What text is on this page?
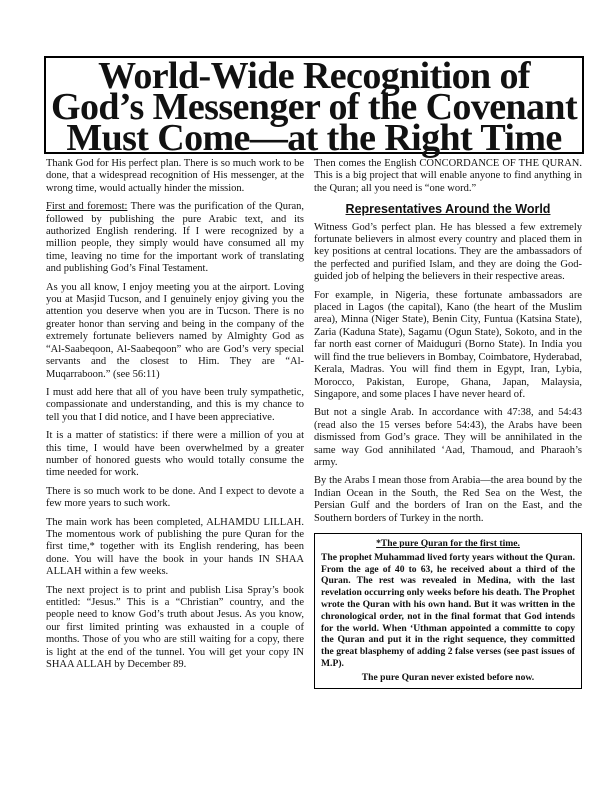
World-Wide Recognition of
God’s Messenger of the Covenant
Must Come—at the Right Time

Thank God for His perfect plan. There is so much work to be done, that a widespread recognition of His messenger, at the wrong time, would actually hinder the mission.

First and foremost: There was the purification of the Quran, followed by publishing the pure Arabic text, and its authorized English rendering. If I were recognized by a million people, they simply would have consumed all my time, leaving no time for the important work of translating and publishing God’s Final Testament.

As you all know, I enjoy meeting you at the airport. Loving you at Masjid Tucson, and I genuinely enjoy giving you the attention you deserve when you are in Tucson. There is no greater honor than serving and being in the company of the extremely fortunate believers named by Almighty God as “Al-Saabeqoon, Al-Saabeqoon” who are God’s very special servants and the closest to Him. They are “Al-Muqarraboon.” (see 56:11)

I must add here that all of you have been truly sympathetic, compassionate and understanding, and this is my chance to tell you that I did notice, and I have been appreciative.

It is a matter of statistics: if there were a million of you at this time, I would have been overwhelmed by a greater number of honored guests who would totally consume the time needed for work.

There is so much work to be done. And I expect to devote a few more years to such work.

The main work has been completed, ALHAMDU LILLAH. The momentous work of publishing the pure Quran for the first time,* together with its English rendering, has been done. You will have the book in your hands IN SHAA ALLAH within a few weeks.

The next project is to print and publish Lisa Spray’s book entitled: “Jesus.” This is a “Christian” country, and the people need to know God’s truth about Jesus. As you know, our first limited printing was exhausted in a couple of months. Those of you who are still waiting for a copy, there is light at the end of the tunnel. You will get your copy IN SHAA ALLAH by December 89.

Then comes the English CONCORDANCE OF THE QURAN. This is a big project that will enable anyone to find anything in the Quran; all you need is “one word.”

Representatives Around the World

Witness God’s perfect plan. He has blessed a few extremely fortunate believers in almost every country and placed them in key positions at central locations. They are the ambassadors of the perfected and purified Islam, and they are doing the God-guided job of helping the believers in their respective areas.

For example, in Nigeria, these fortunate ambassadors are placed in Lagos (the capital), Kano (the heart of the Muslim area), Minna (Niger State), Benin City, Funtua (Katsina State), Zaria (Kaduna State), Sagamu (Ogun State), Sokoto, and in the far north east corner of Maiduguri (Borno State). In India you will find the true believers in Bombay, Coimbatore, Hyderabad, Kerala, Madras. You will find them in Egypt, Iran, Lybia, Morocco, Pakistan, Europe, Ghana, Japan, Malaysia, Singapore, and some places I have never heard of.

But not a single Arab. In accordance with 47:38, and 54:43 (read also the 15 verses before 54:43), the Arabs have been dismissed from God’s grace. They will be annihilated in the same way God annihilated ‘Aad, Thamoud, and Pharaoh’s army.

By the Arabs I mean those from Arabia—the area bound by the Indian Ocean in the South, the Red Sea on the West, the Persian Gulf and the borders of Iran on the East, and the Southern borders of Turkey in the north.

*The pure Quran for the first time.
The prophet Muhammad lived forty years without the Quran. From the age of 40 to 63, he received about a third of the Quran. The rest was revealed in Medina, with the last revelation occurring only weeks before his death. The Prophet wrote the Quran with his own hand. But it was written in the chronological order, not in the final format that God intends for the world. When ‘Uthman appointed a committe to copy the Quran and put it in the right sequence, they committed the great blasphemy of adding 2 false verses (see past issues of M.P).
The pure Quran never existed before now.
